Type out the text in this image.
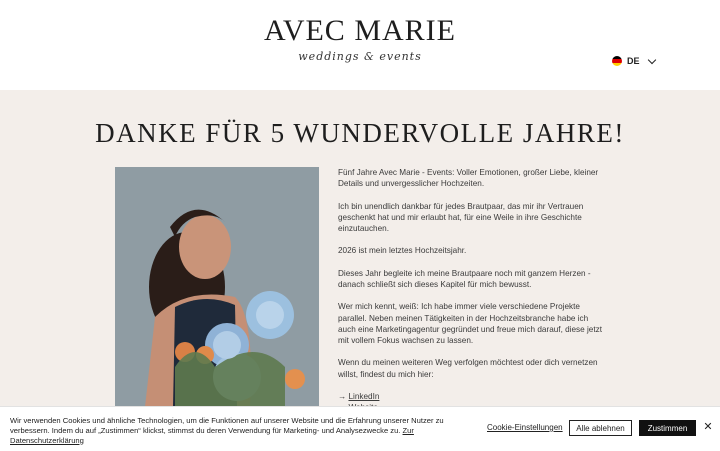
AVEC MARIE
weddings & events	DE
DANKE FÜR 5 WUNDERVOLLE JAHRE!

Fünf Jahre Avec Marie - Events: Voller Emotionen, großer Liebe, kleiner Details und unvergesslicher Hochzeiten.

Ich bin unendlich dankbar für jedes Brautpaar, das mir ihr Vertrauen geschenkt hat und mir erlaubt hat, für eine Weile in ihre Geschichte einzutauchen.

2026 ist mein letztes Hochzeitsjahr.

Dieses Jahr begleite ich meine Brautpaare noch mit ganzem Herzen - danach schließt sich dieses Kapitel für mich bewusst.

Wer mich kennt, weiß: Ich habe immer viele verschiedene Projekte parallel. Neben meinen Tätigkeiten in der Hochzeitsbranche habe ich auch eine Marketingagentur gegründet und freue mich darauf, diese jetzt mit vollem Fokus wachsen zu lassen.

Wenn du meinen weiteren Weg verfolgen möchtest oder dich vernetzen willst, findest du mich hier:

→ LinkedIn
Wir verwenden Cookies und ähnliche Technologien, um die Funktionen auf unserer Website und die Erfahrung unserer Nutzer zu verbessern. Indem du auf „Zustimmen“ klickst, stimmst du deren Verwendung für Marketing- und Analysezwecke zu. Zur Datenschutzerklärung
Cookie-Einstellungen	Alle ablehnen	Zustimmen	✕
